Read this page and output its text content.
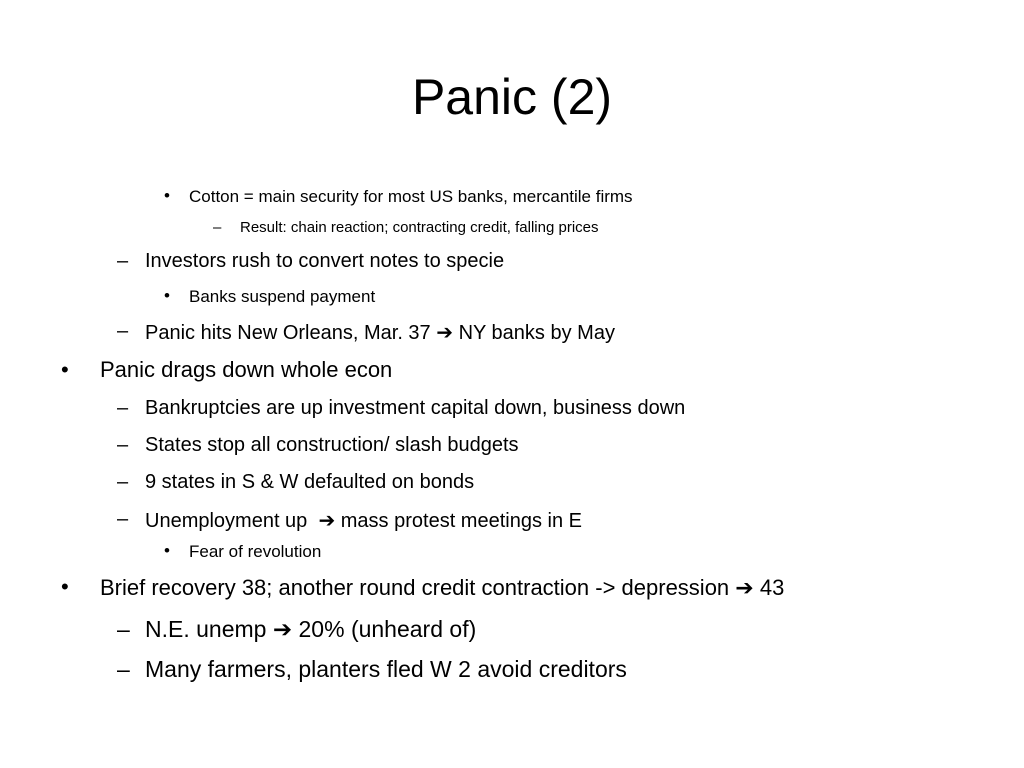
Panic (2)
• Cotton = main security for most US banks, mercantile firms
– Result: chain reaction; contracting credit, falling prices
– Investors rush to convert notes to specie
• Banks suspend payment
– Panic hits New Orleans, Mar. 37 ➔ NY banks by May
• Panic drags down whole econ
– Bankruptcies are up investment capital down, business down
– States stop all construction/ slash budgets
– 9 states in S & W defaulted on bonds
– Unemployment up ➔ mass protest meetings in E
• Fear of revolution
• Brief recovery 38; another round credit contraction -> depression ➔ 43
– N.E. unemp ➔ 20% (unheard of)
– Many farmers, planters fled W 2 avoid creditors
